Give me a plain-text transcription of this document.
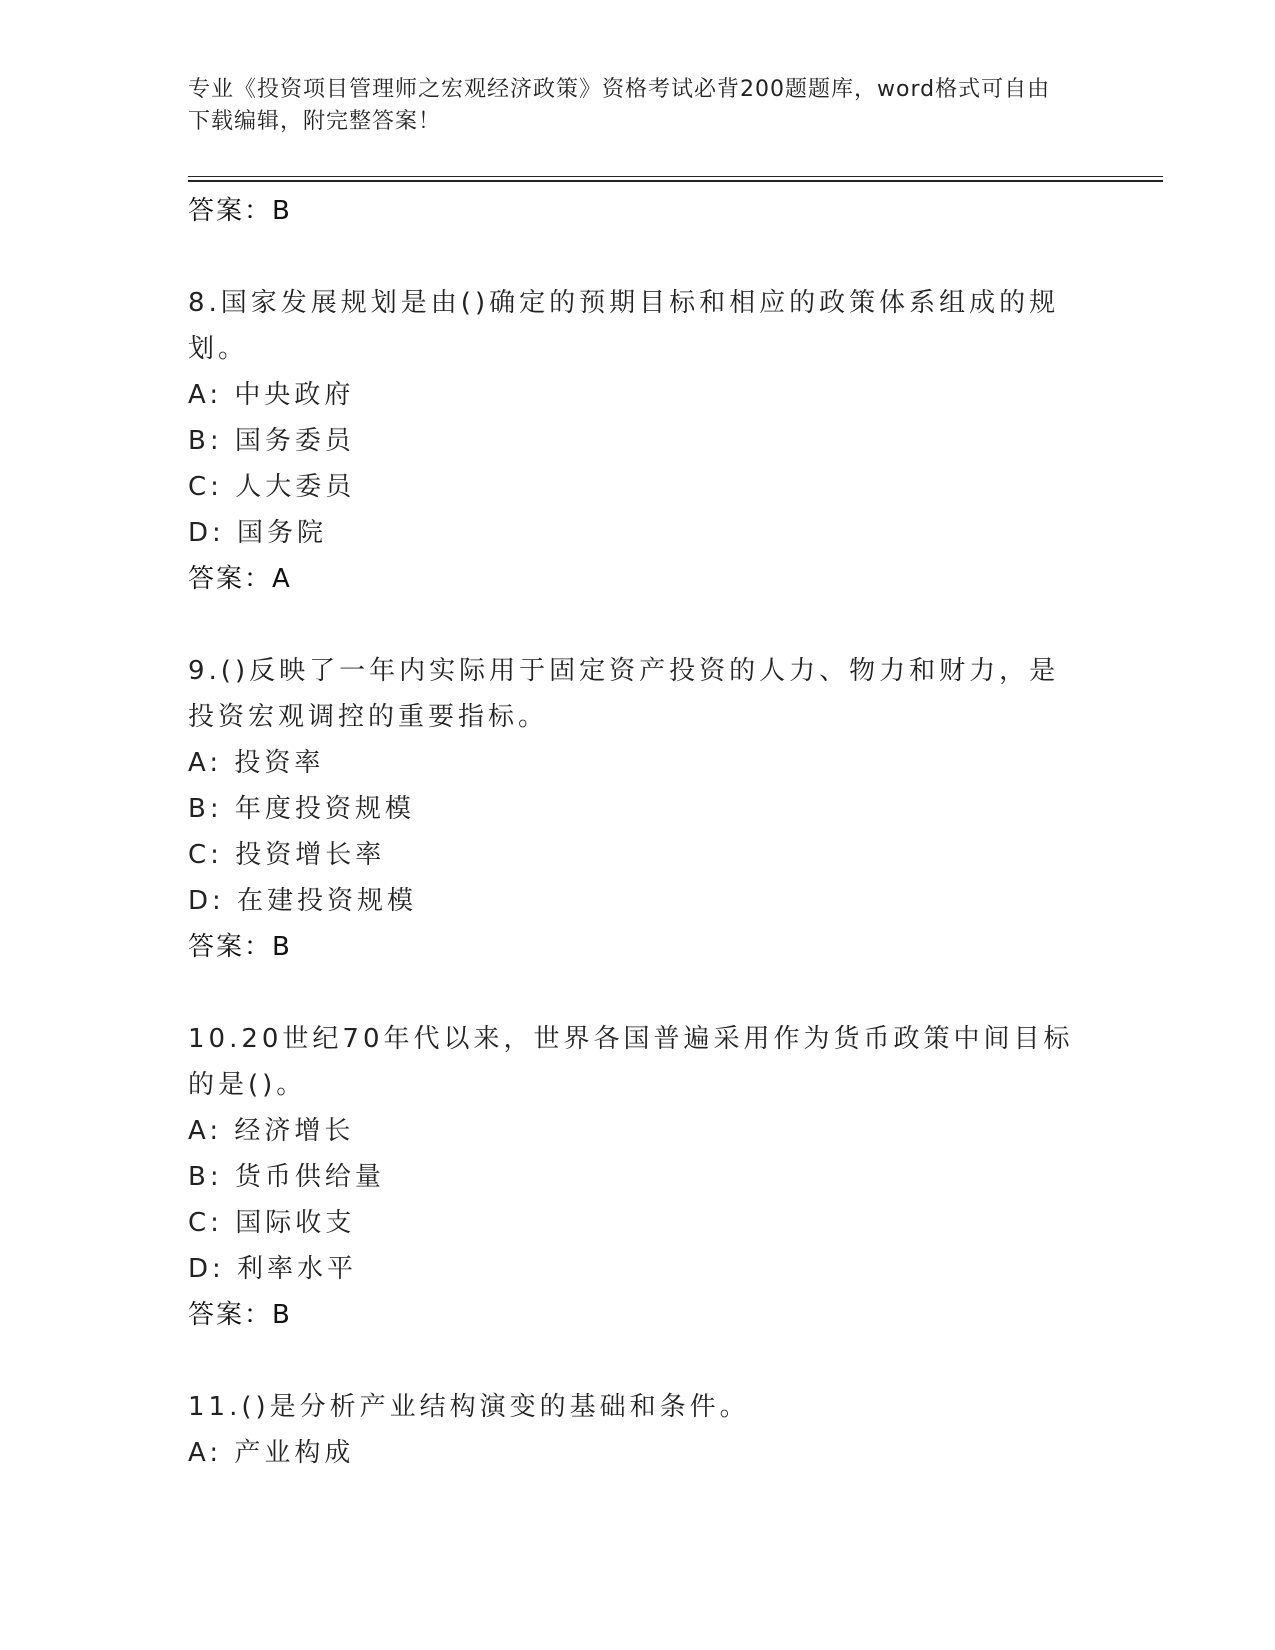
专业《投资项目管理师之宏观经济政策》资格考试必背200题题库，word格式可自由下载编辑，附完整答案！
答案：B
8.国家发展规划是由()确定的预期目标和相应的政策体系组成的规划。
A: 中央政府
B: 国务委员
C: 人大委员
D: 国务院
答案：A
9.()反映了一年内实际用于固定资产投资的人力、物力和财力，是投资宏观调控的重要指标。
A: 投资率
B: 年度投资规模
C: 投资增长率
D: 在建投资规模
答案：B
10.20世纪70年代以来，世界各国普遍采用作为货币政策中间目标的是()。
A: 经济增长
B: 货币供给量
C: 国际收支
D: 利率水平
答案：B
11.()是分析产业结构演变的基础和条件。
A: 产业构成
